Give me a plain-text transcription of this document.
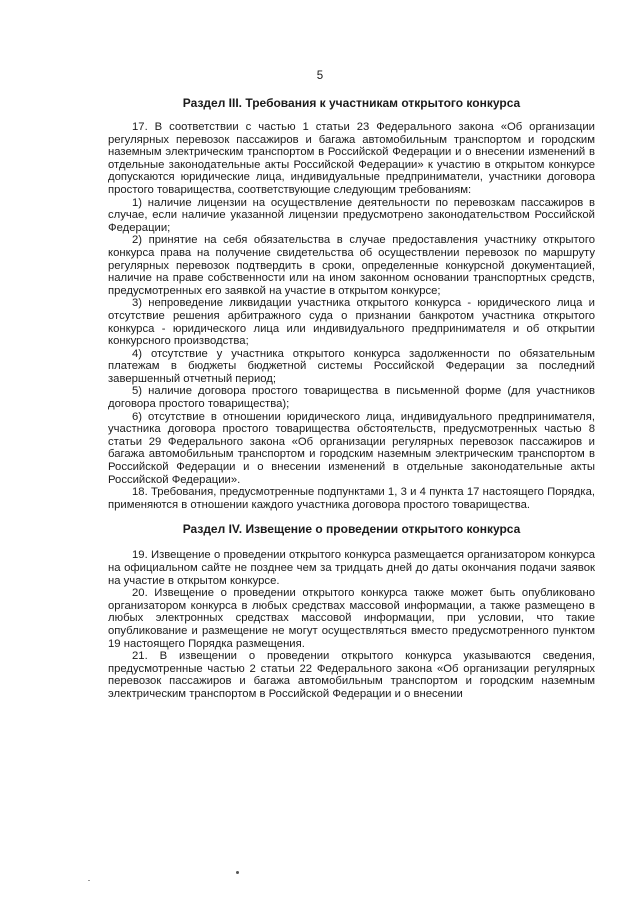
5
Раздел III. Требования к участникам открытого конкурса

17. В соответствии с частью 1 статьи 23 Федерального закона «Об организации регулярных перевозок пассажиров и багажа автомобильным транспортом и городским наземным электрическим транспортом в Российской Федерации и о внесении изменений в отдельные законодательные акты Российской Федерации» к участию в открытом конкурсе допускаются юридические лица, индивидуальные предприниматели, участники договора простого товарищества, соответствующие следующим требованиям:

1) наличие лицензии на осуществление деятельности по перевозкам пассажиров в случае, если наличие указанной лицензии предусмотрено законодательством Российской Федерации;

2) принятие на себя обязательства в случае предоставления участнику открытого конкурса права на получение свидетельства об осуществлении перевозок по маршруту регулярных перевозок подтвердить в сроки, определенные конкурсной документацией, наличие на праве собственности или на ином законном основании транспортных средств, предусмотренных его заявкой на участие в открытом конкурсе;

3) непроведение ликвидации участника открытого конкурса - юридического лица и отсутствие решения арбитражного суда о признании банкротом участника открытого конкурса - юридического лица или индивидуального предпринимателя и об открытии конкурсного производства;

4) отсутствие у участника открытого конкурса задолженности по обязательным платежам в бюджеты бюджетной системы Российской Федерации за последний завершенный отчетный период;

5) наличие договора простого товарищества в письменной форме (для участников договора простого товарищества);

6) отсутствие в отношении юридического лица, индивидуального предпринимателя, участника договора простого товарищества обстоятельств, предусмотренных частью 8 статьи 29 Федерального закона «Об организации регулярных перевозок пассажиров и багажа автомобильным транспортом и городским наземным электрическим транспортом в Российской Федерации и о внесении изменений в отдельные законодательные акты Российской Федерации».

18. Требования, предусмотренные подпунктами 1, 3 и 4 пункта 17 настоящего Порядка, применяются в отношении каждого участника договора простого товарищества.

Раздел IV. Извещение о проведении открытого конкурса

19. Извещение о проведении открытого конкурса размещается организатором конкурса на официальном сайте не позднее чем за тридцать дней до даты окончания подачи заявок на участие в открытом конкурсе.

20. Извещение о проведении открытого конкурса также может быть опубликовано организатором конкурса в любых средствах массовой информации, а также размещено в любых электронных средствах массовой информации, при условии, что такие опубликование и размещение не могут осуществляться вместо предусмотренного пунктом 19 настоящего Порядка размещения.

21. В извещении о проведении открытого конкурса указываются сведения, предусмотренные частью 2 статьи 22 Федерального закона «Об организации регулярных перевозок пассажиров и багажа автомобильным транспортом и городским наземным электрическим транспортом в Российской Федерации и о внесении
